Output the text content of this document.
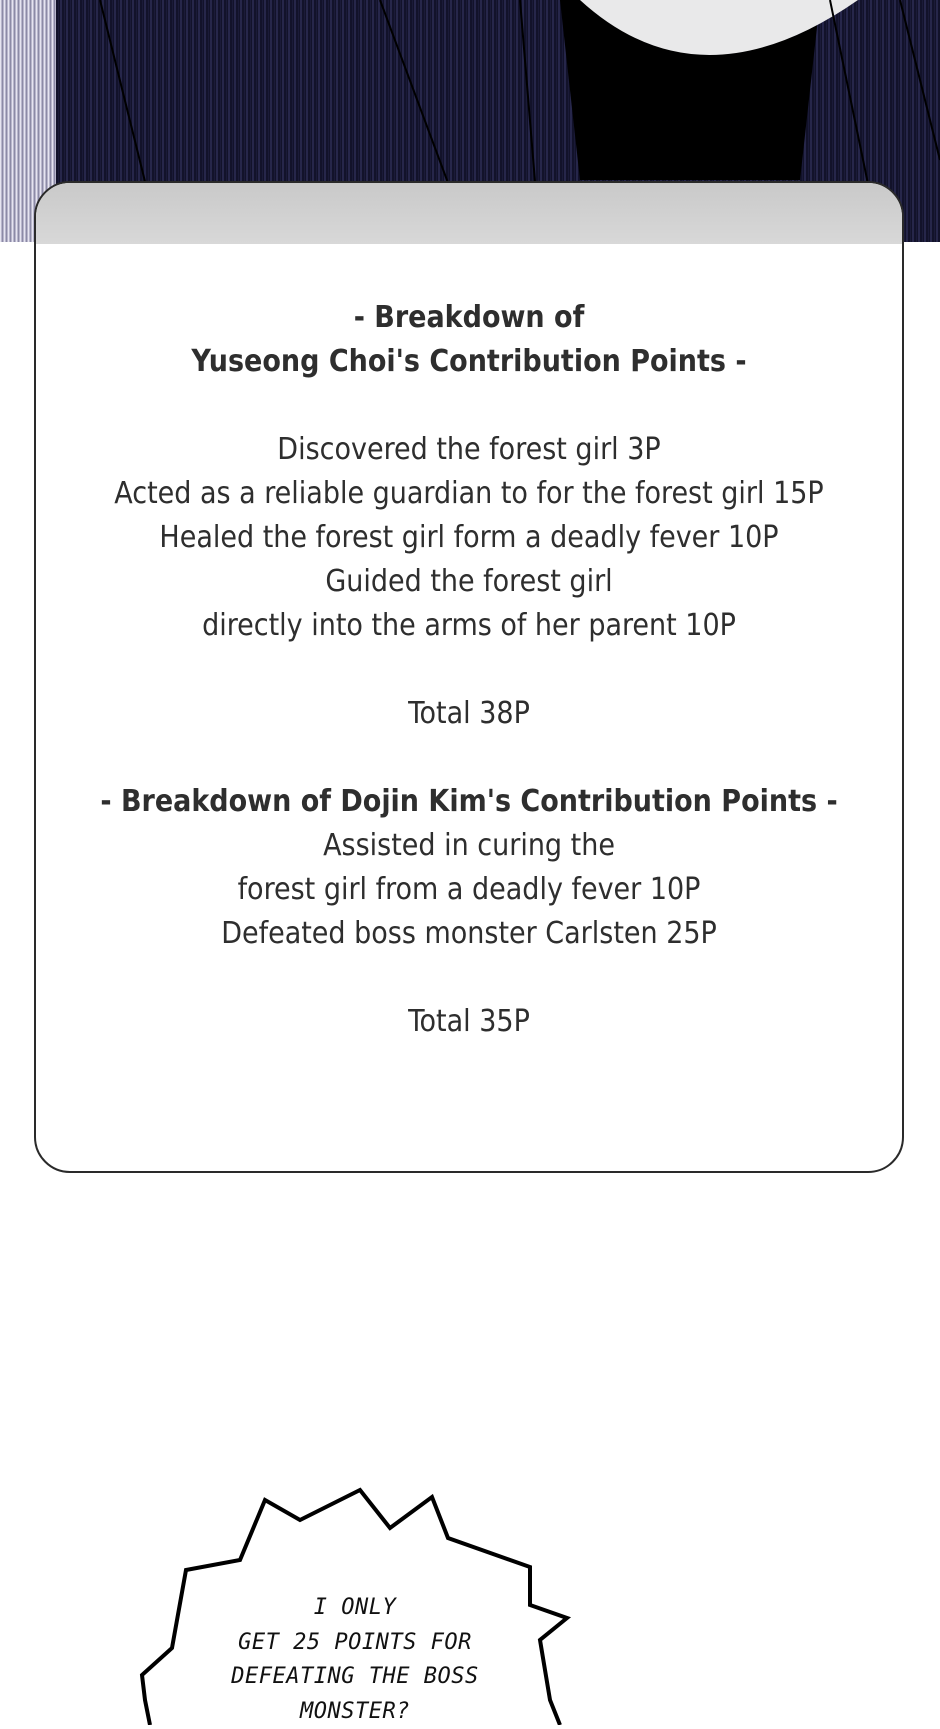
- Breakdown of
Yuseong Choi's Contribution Points -
Discovered the forest girl 3P
Acted as a reliable guardian to for the forest girl 15P
Healed the forest girl form a deadly fever 10P
Guided the forest girl
directly into the arms of her parent 10P
Total 38P
- Breakdown of Dojin Kim's Contribution Points -
Assisted in curing the
forest girl from a deadly fever 10P
Defeated boss monster Carlsten 25P
Total 35P
I ONLY
GET 25 POINTS FOR
DEFEATING THE BOSS
MONSTER?
